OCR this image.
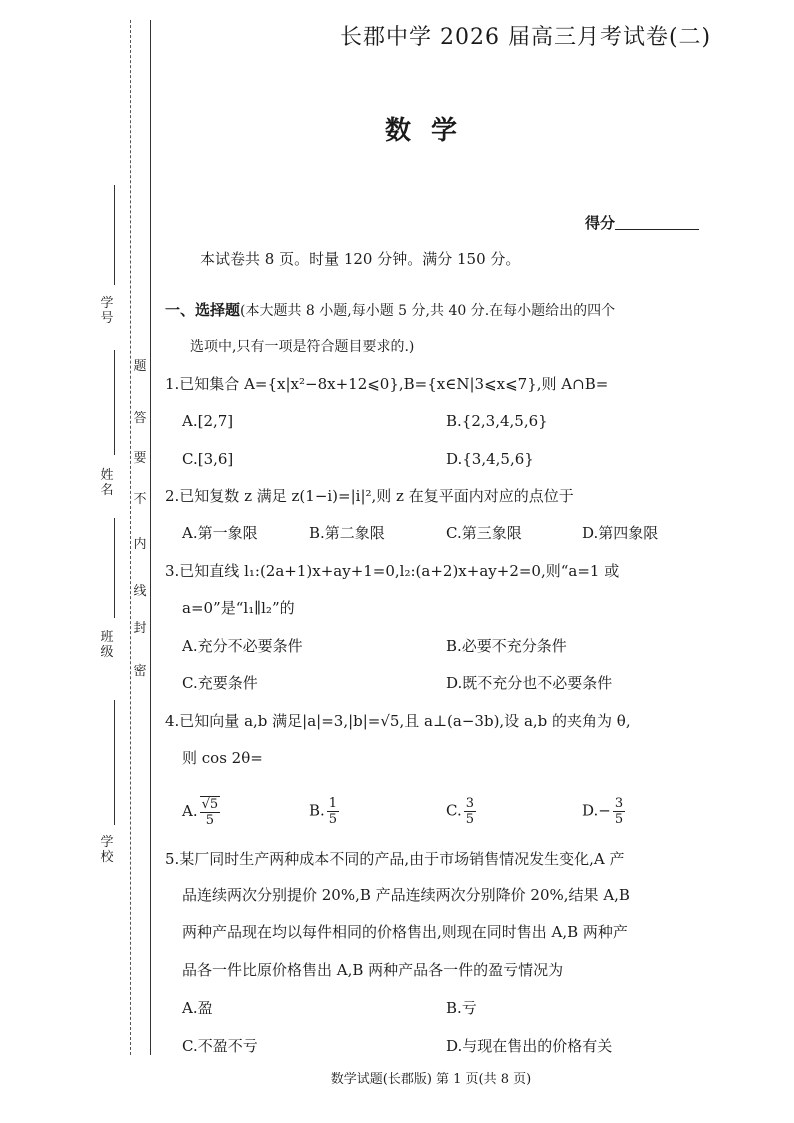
题
答
要
不
内
线
封
密
学 号
姓 名
班 级
学 校
长郡中学 2026 届高三月考试卷(二)
数学
得分
本试卷共 8 页。时量 120 分钟。满分 150 分。
一、选择题(本大题共 8 小题,每小题 5 分,共 40 分.在每小题给出的四个
选项中,只有一项是符合题目要求的.)
1.已知集合 A={x|x²−8x+12⩽0},B={x∈N|3⩽x⩽7},则 A∩B=
A.[2,7]	B.{2,3,4,5,6}
C.[3,6]	D.{3,4,5,6}
2.已知复数 z 满足 z(1−i)=|i|²,则 z 在复平面内对应的点位于
A.第一象限	B.第二象限	C.第三象限	D.第四象限
3.已知直线 l₁:(2a+1)x+ay+1=0,l₂:(a+2)x+ay+2=0,则“a=1 或
a=0”是“l₁∥l₂”的
A.充分不必要条件	B.必要不充分条件
C.充要条件	D.既不充分也不必要条件
4.已知向量 a,b 满足|a|=3,|b|=√5,且 a⊥(a−3b),设 a,b 的夹角为 θ,
则 cos 2θ=
A. $\frac{√5}{5}$	B. $\frac{1}{5}$	C. $\frac{3}{5}$	$D.- \frac{3}{5}$
5.某厂同时生产两种成本不同的产品,由于市场销售情况发生变化,A 产
品连续两次分别提价 20%,B 产品连续两次分别降价 20%,结果 A,B
两种产品现在均以每件相同的价格售出,则现在同时售出 A,B 两种产
品各一件比原价格售出 A,B 两种产品各一件的盈亏情况为
A.盈	B.亏
C.不盈不亏	D.与现在售出的价格有关
数学试题(长郡版) 第 1 页(共 8 页)
